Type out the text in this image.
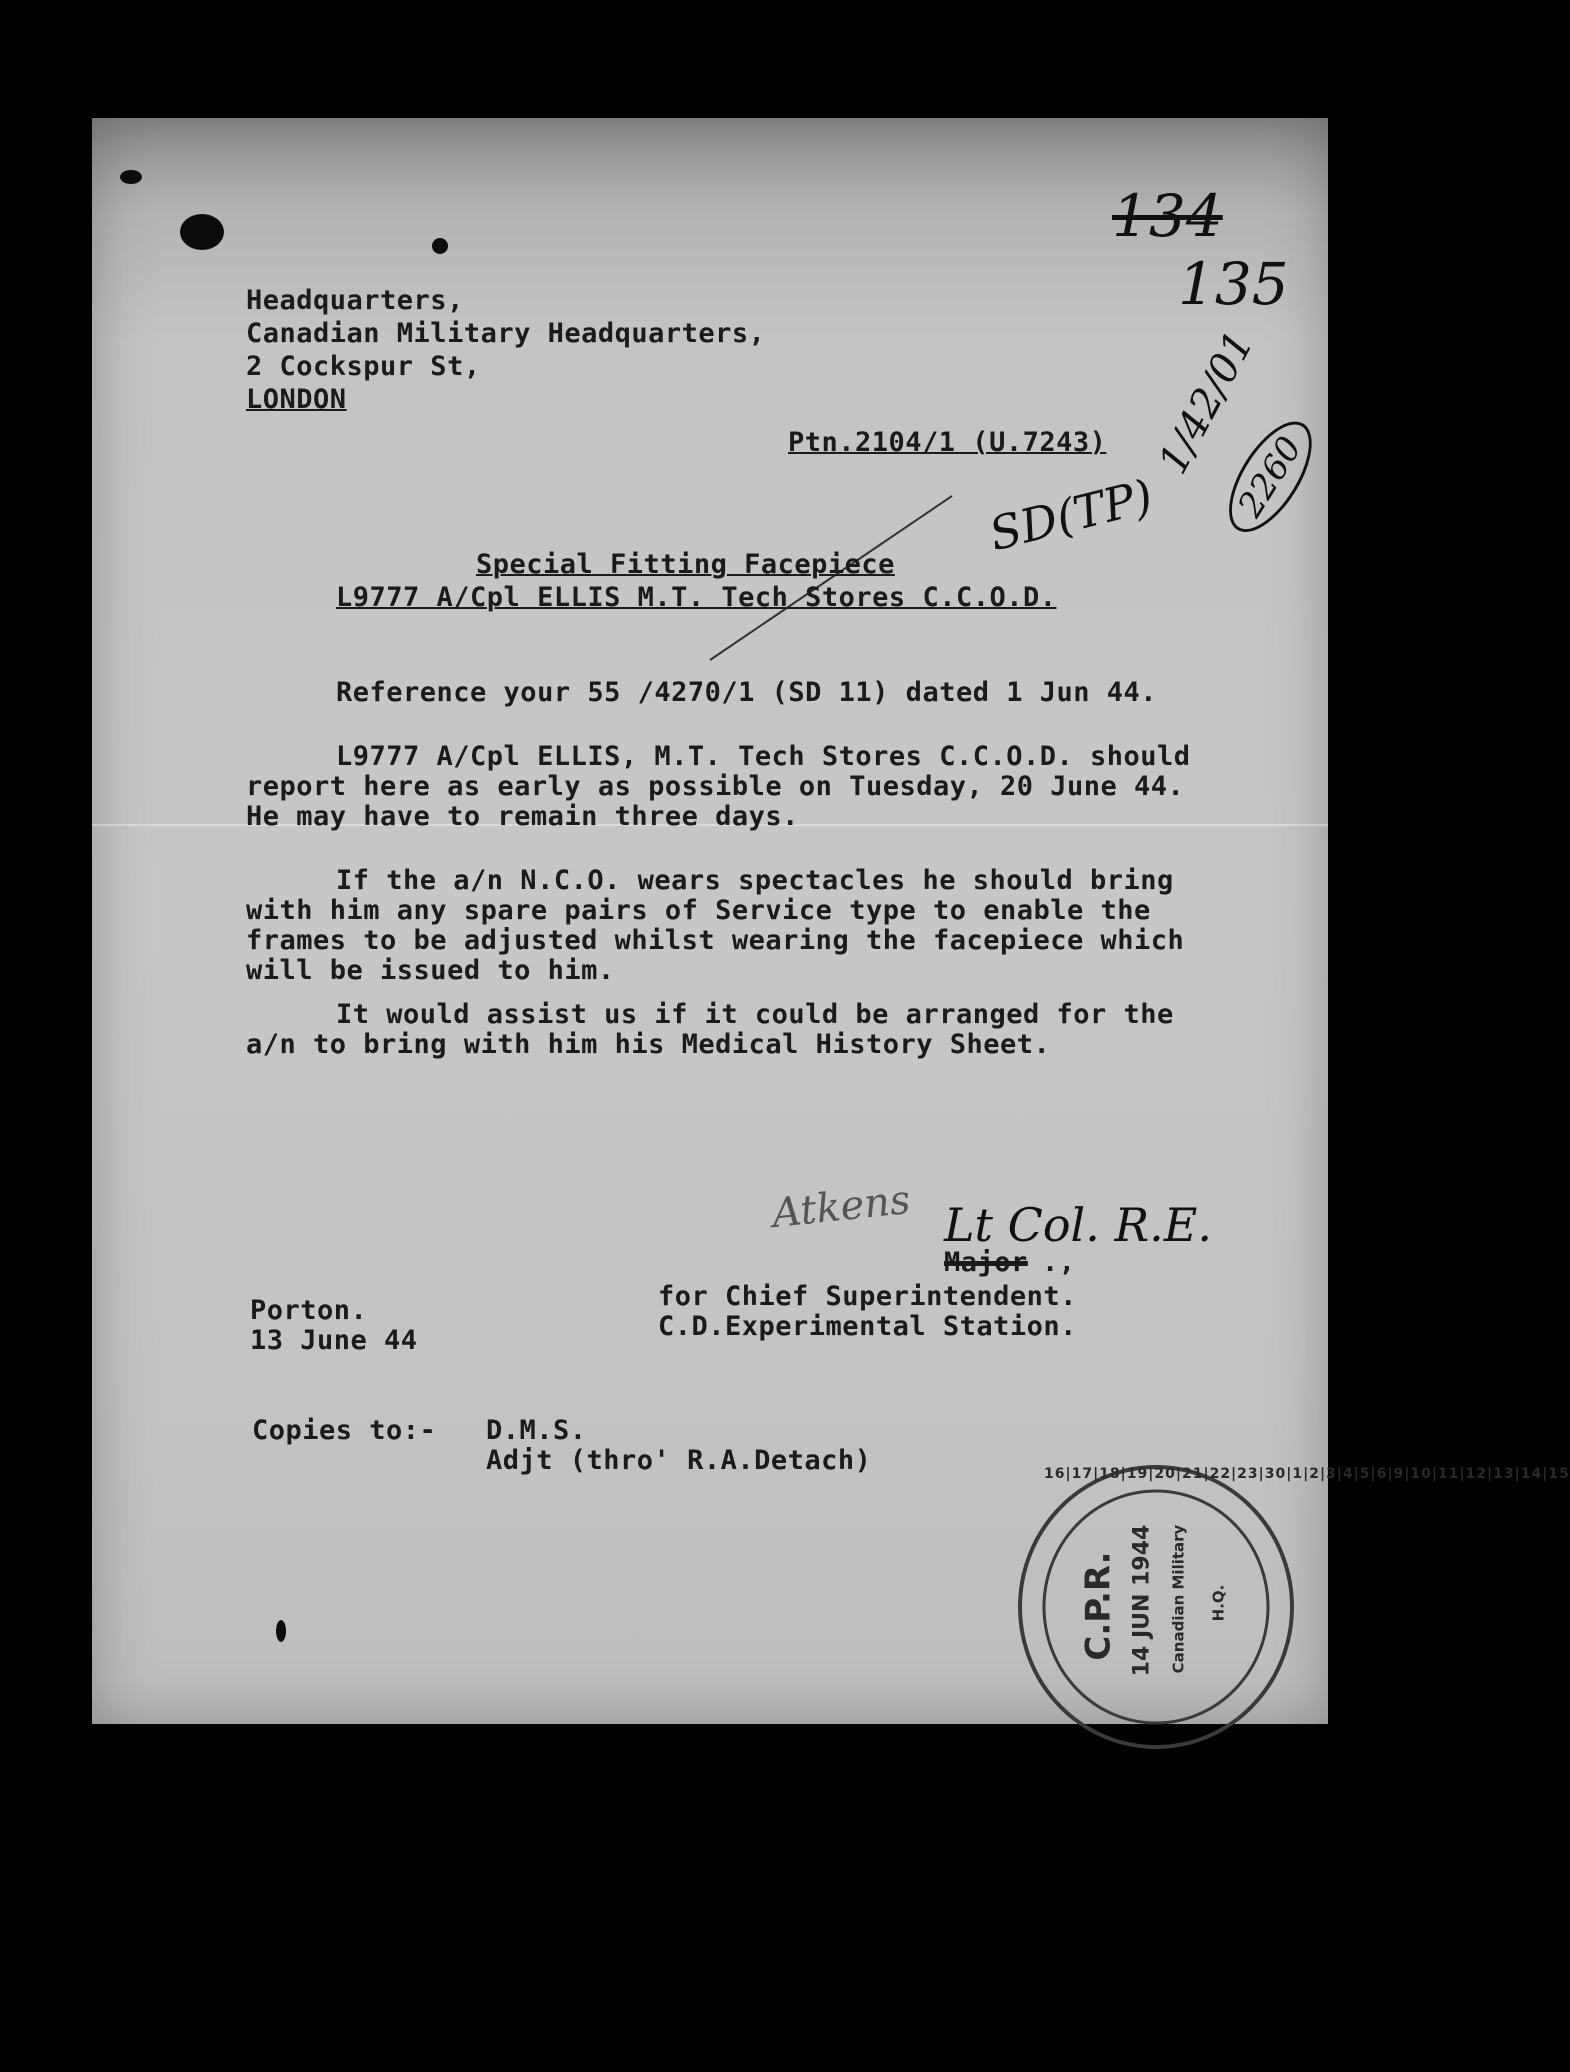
134
135
Headquarters,
Canadian Military Headquarters,
2 Cockspur St,
LONDON
Ptn.2104/1 (U.7243)
SD(TP)
1/42/01
2260
Special Fitting Facepiece
L9777 A/Cpl ELLIS M.T. Tech Stores C.C.O.D.
Reference your 55 /4270/1 (SD 11) dated 1 Jun 44.
L9777 A/Cpl ELLIS, M.T. Tech Stores C.C.O.D. should
report here as early as possible on Tuesday, 20 June 44.
He may have to remain three days.
If the a/n N.C.O. wears spectacles he should bring
with him any spare pairs of Service type to enable the
frames to be adjusted whilst wearing the facepiece which
will be issued to him.
It would assist us if it could be arranged for the
a/n to bring with him his Medical History Sheet.
Atkens Lt Col. R.E.
Major .,
for Chief Superintendent.
C.D.Experimental Station.
Porton.
13 June 44
Copies to:- D.M.S.
Adjt (thro' R.A.Detach)	16|17|18|19|20|21|22|23|30|1|2|3|4|5|6|9|10|11|12|13|14|15
C.P.R. 14 JUN 1944 Canadian Military H.Q.
